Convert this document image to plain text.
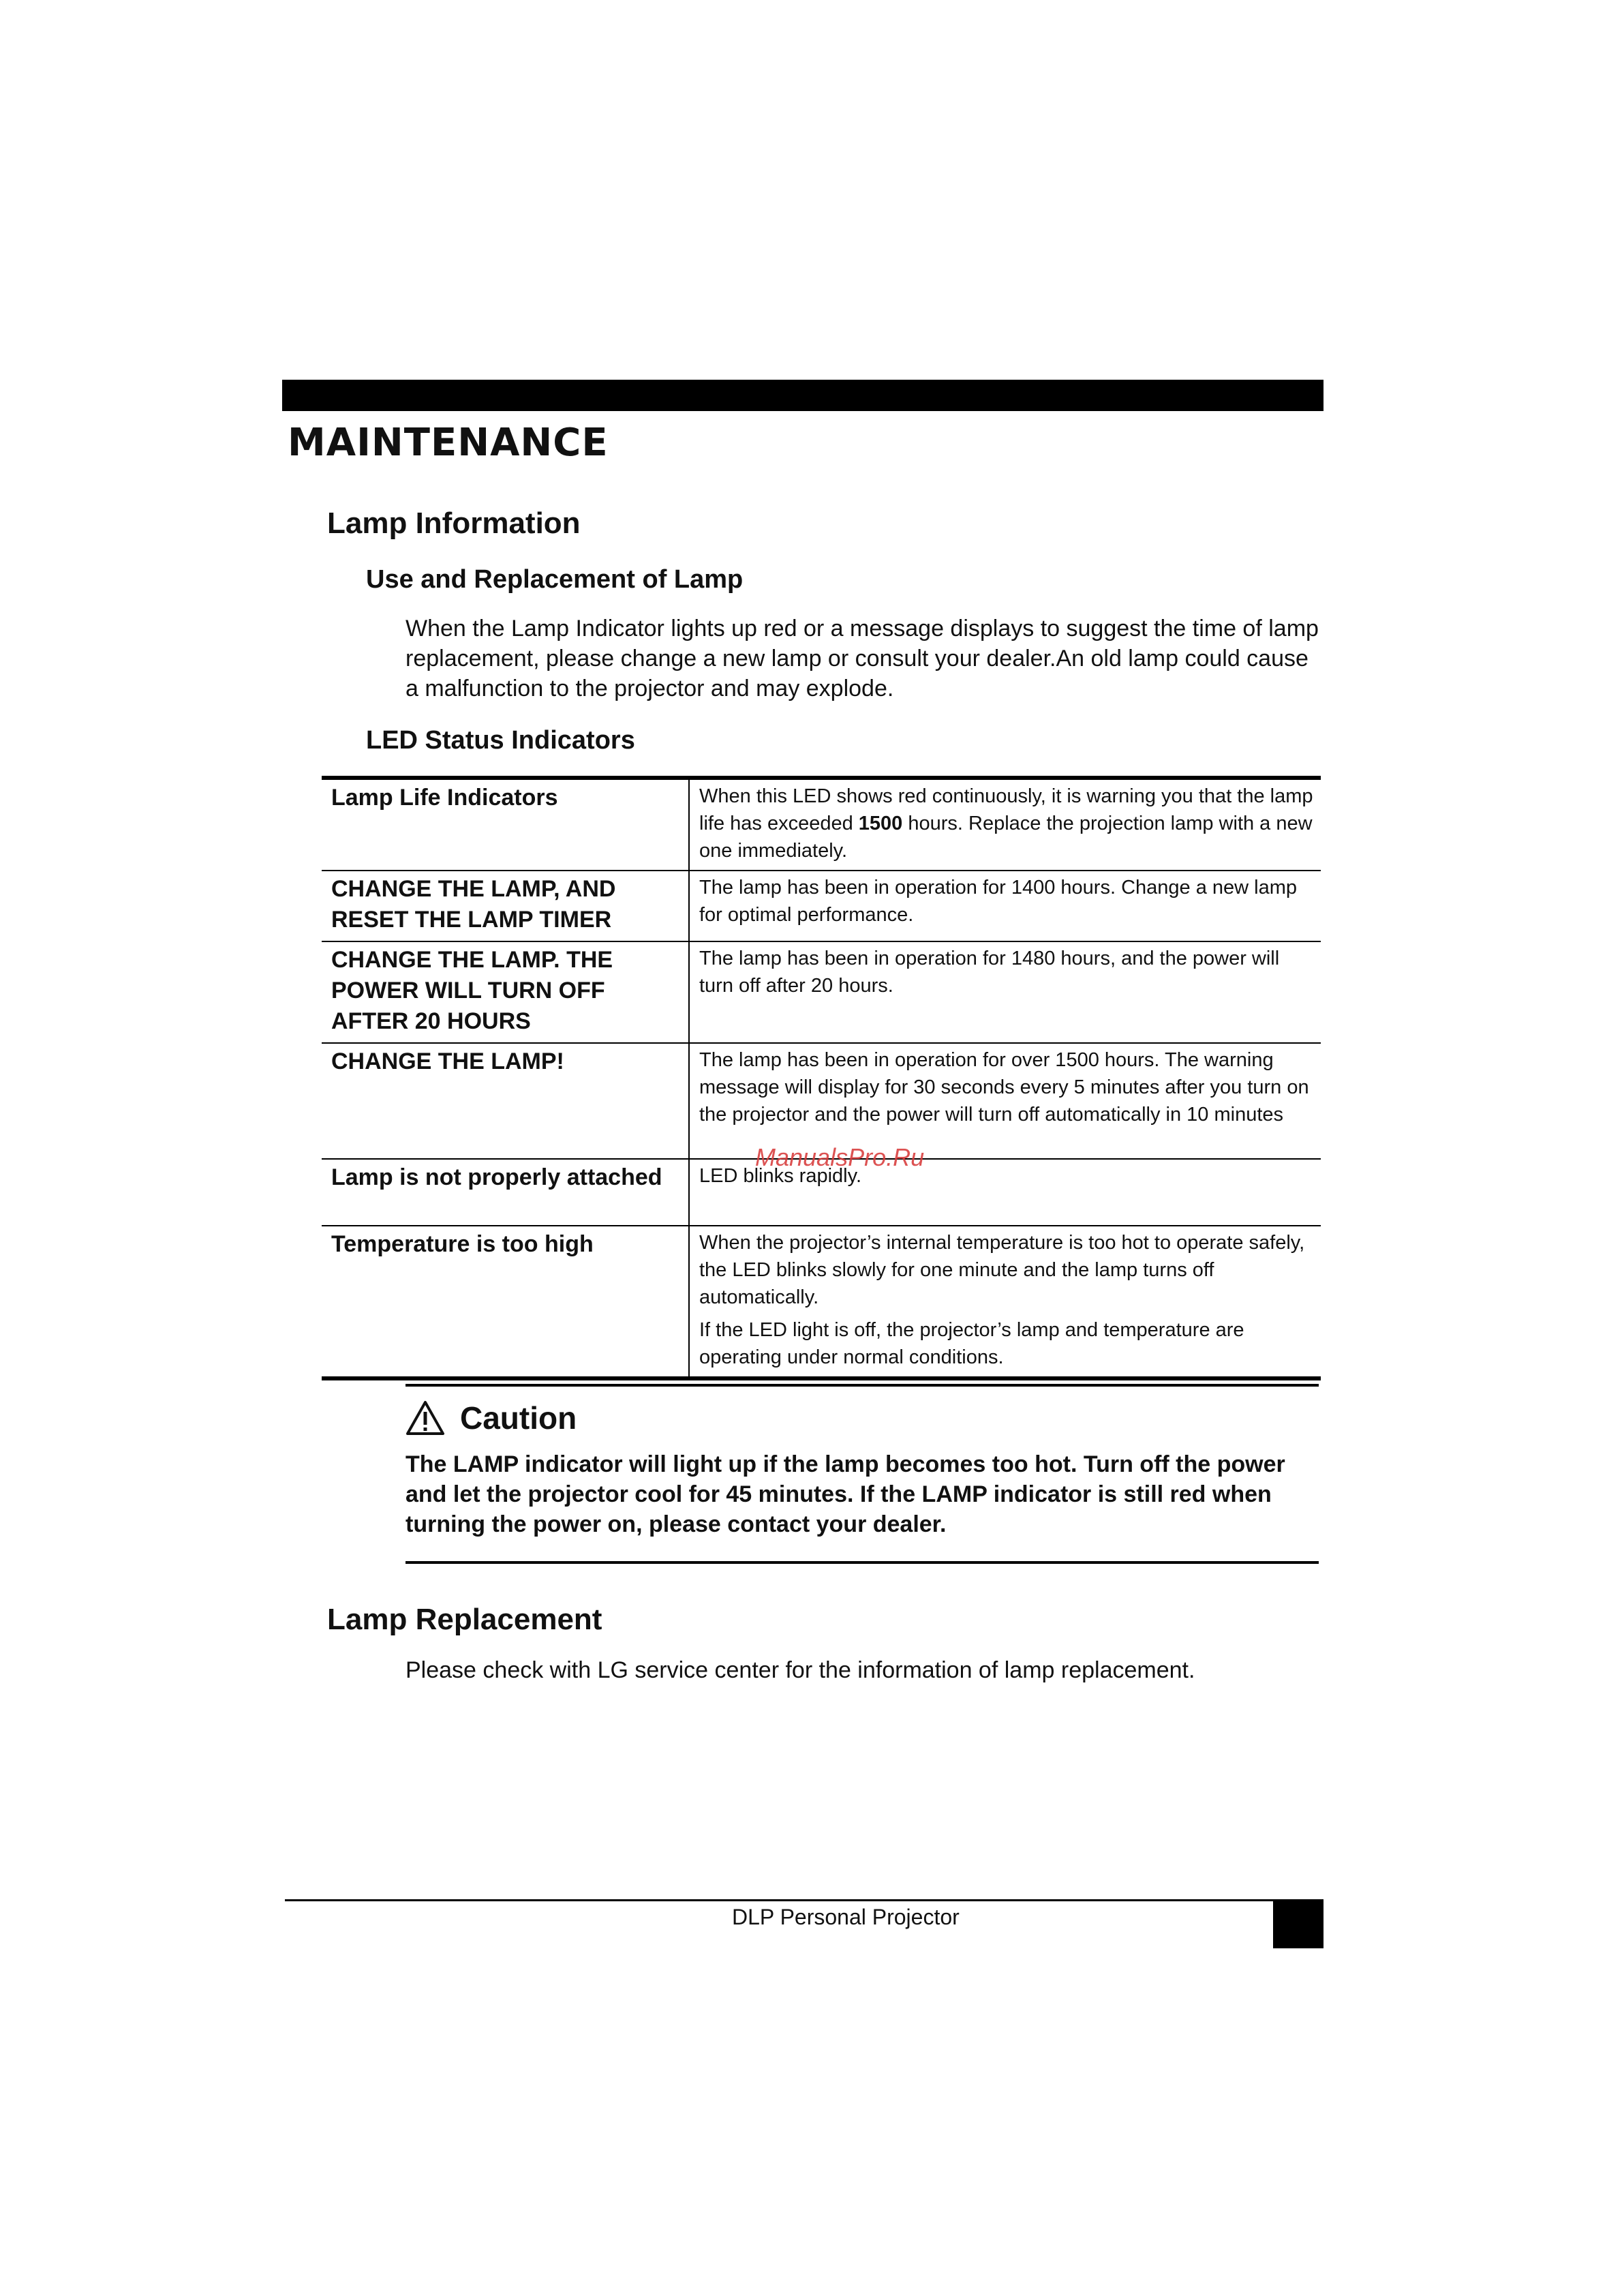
MAINTENANCE
Lamp Information
Use and Replacement of Lamp

When the Lamp Indicator lights up red or a message displays to suggest the time of lamp replacement, please change a new lamp or consult your dealer.An old lamp could cause a malfunction to the projector and may explode.

LED Status Indicators
Lamp Life Indicators	When this LED shows red continuously, it is warning you that the lamp life has exceeded 1500 hours. Replace the projection lamp with a new one immediately.
CHANGE THE LAMP, AND RESET THE LAMP TIMER	The lamp has been in operation for 1400 hours. Change a new lamp for optimal performance.
CHANGE THE LAMP. THE POWER WILL TURN OFF AFTER 20 HOURS	The lamp has been in operation for 1480 hours, and the power will turn off after 20 hours.
CHANGE THE LAMP!	The lamp has been in operation for over 1500 hours. The warning message will display for 30 seconds every 5 minutes after you turn on the projector and the power will turn off automatically in 10 minutes
Lamp is not properly attached	LED blinks rapidly.
Temperature is too high	When the projector’s internal temperature is too hot to operate safely, the LED blinks slowly for one minute and the lamp turns off automatically.

If the LED light is off, the projector’s lamp and temperature are operating under normal conditions.

ManualsPro.Ru
Caution

The LAMP indicator will light up if the lamp becomes too hot. Turn off the power and let the projector cool for 45 minutes. If the LAMP indicator is still red when turning the power on, please contact your dealer.

Lamp Replacement

Please check with LG service center for the information of lamp replacement.

DLP Personal Projector
